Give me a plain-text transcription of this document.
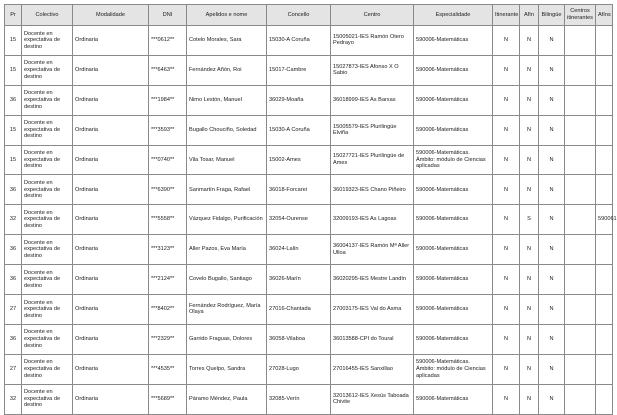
Pr	Colectivo	Modalidade	DNI	Apelidos e nome	Concello	Centro	Especialidade	Itinerante	Afín	Bilingüe	Centros itinerantes	Afíns
15	Docente en expectativa de destino	Ordinaria	***0612**	Cotelo Morales, Sara	15030-A Coruña	15005021-IES Ramón Otero Pedrayo	590006-Matemáticas	N	N	N		
15	Docente en expectativa de destino	Ordinaria	***6463**	Fernández Añón, Roi	15017-Cambre	15027873-IES Afonso X O Sabio	590006-Matemáticas	N	N	N		
36	Docente en expectativa de destino	Ordinaria	***1984**	Nimo Lestón, Manuel	36029-Moaña	36018999-IES As Barxas	590006-Matemáticas	N	N	N		
15	Docente en expectativa de destino	Ordinaria	***3593**	Bugallo Chouciño, Soledad	15030-A Coruña	15005579-IES Plurilingüe Elviña	590006-Matemáticas	N	N	N		
15	Docente en expectativa de destino	Ordinaria	***0740**	Vila Tosar, Manuel	15002-Ames	15027721-IES Plurilingüe de Ames	590006-Matemáticas. Ámbito: módulo de Ciencias aplicadas	N	N	N		
36	Docente en expectativa de destino	Ordinaria	***6390**	Sanmartín Fraga, Rafael	36018-Forcarei	36019323-IES Chano Piñeiro	590006-Matemáticas	N	N	N		
32	Docente en expectativa de destino	Ordinaria	***5558**	Vázquez Fidalgo, Purificación	32054-Ourense	32009193-IES As Lagoas	590006-Matemáticas	N	S	N		590061
36	Docente en expectativa de destino	Ordinaria	***3123**	Aller Pazos, Eva María	36024-Lalín	36004137-IES Ramón Mª Aller Ulloa	590006-Matemáticas	N	N	N		
36	Docente en expectativa de destino	Ordinaria	***2124**	Covelo Bugallo, Santiago	36026-Marín	36020295-IES Mestre Landín	590006-Matemáticas	N	N	N		
27	Docente en expectativa de destino	Ordinaria	***8402**	Fernández Rodríguez, María Olaya	27016-Chantada	27003175-IES Val do Asma	590006-Matemáticas	N	N	N		
36	Docente en expectativa de destino	Ordinaria	***2329**	Garrido Fraguas, Dolores	36058-Vilaboa	36013588-CPI do Toural	590006-Matemáticas	N	N	N		
27	Docente en expectativa de destino	Ordinaria	***4535**	Torres Quelpo, Sandra	27028-Lugo	27016455-IES Sanxillao	590006-Matemáticas. Ámbito: módulo de Ciencias aplicadas	N	N	N		
32	Docente en expectativa de destino	Ordinaria	***5689**	Páramo Méndez, Paula	32085-Verín	32013612-IES Xesús Taboada Chivite	590006-Matemáticas	N	N	N		
